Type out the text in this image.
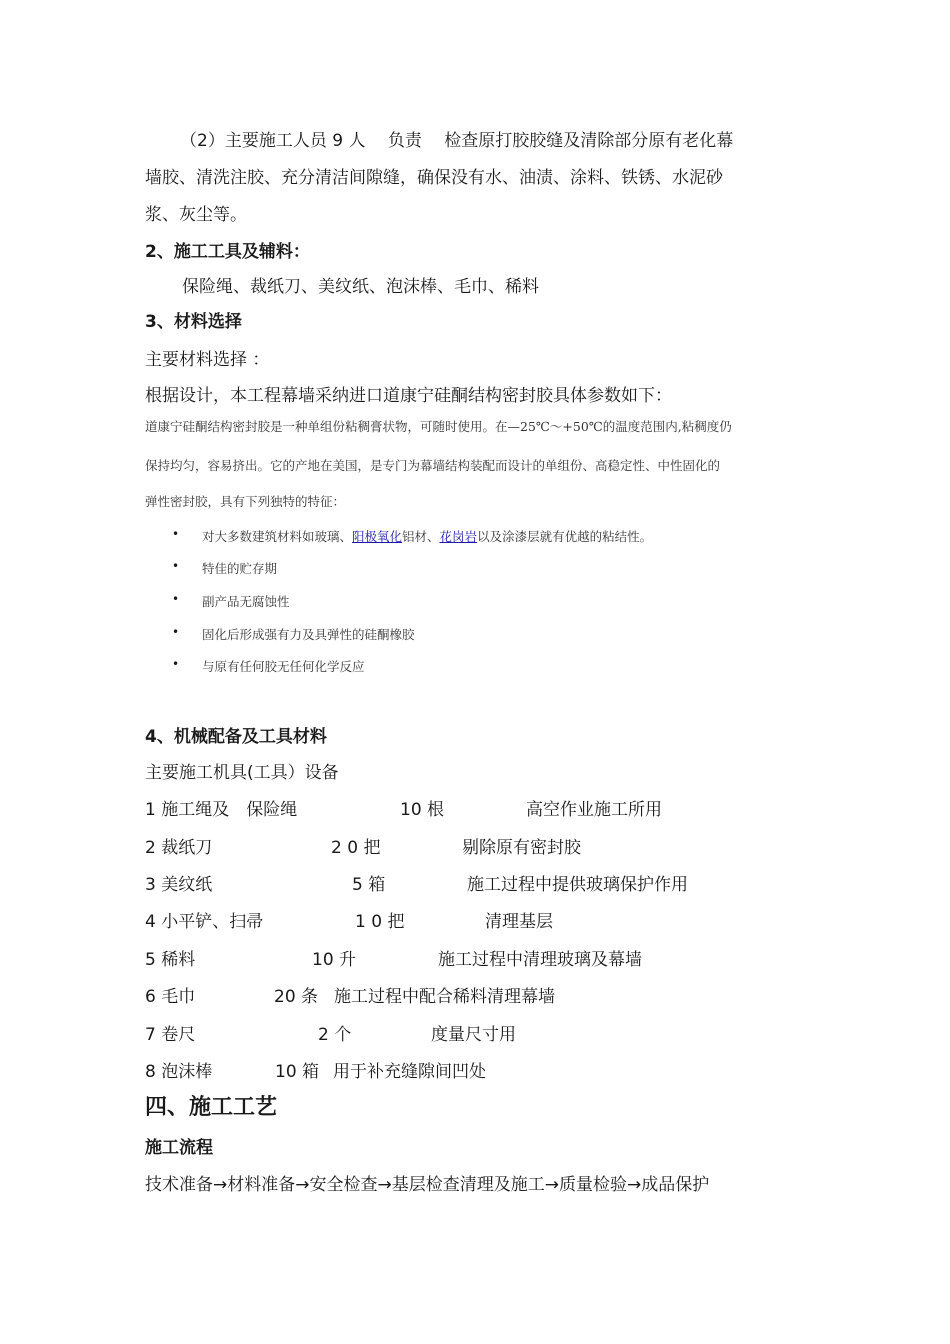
（2）主要施工人员 9 人　 负责　 检查原打胶胶缝及清除部分原有老化幕
墙胶、清洗注胶、充分清洁间隙缝，确保没有水、油渍、涂料、铁锈、水泥砂
浆、灰尘等。
2、施工工具及辅料：
保险绳、裁纸刀、美纹纸、泡沫棒、毛巾、稀料
3、材料选择
主要材料选择 ：
根据设计，本工程幕墙采纳进口道康宁硅酮结构密封胶具体参数如下：
道康宁硅酮结构密封胶是一种单组份粘稠膏状物，可随时使用。在—25℃～+50℃的温度范围内,粘稠度仍
保持均匀，容易挤出。它的产地在美国，是专门为幕墙结构装配而设计的单组份、高稳定性、中性固化的
弹性密封胶，具有下列独特的特征：
• 对大多数建筑材料如玻璃、阳极氧化铝材、花岗岩以及涂漆层就有优越的粘结性。
• 特佳的贮存期
• 副产品无腐蚀性
• 固化后形成强有力及具弹性的硅酮橡胶
• 与原有任何胶无任何化学反应
4、机械配备及工具材料
主要施工机具(工具）设备
1 施工绳及　保险绳	10 根	高空作业施工所用
2 裁纸刀	2 0 把	剔除原有密封胶
3 美纹纸	5 箱	施工过程中提供玻璃保护作用
4 小平铲、扫帚	1 0 把	清理基层
5 稀料	10 升	施工过程中清理玻璃及幕墙
6 毛巾	20 条 施工过程中配合稀料清理幕墙
7 卷尺	2 个	度量尺寸用
8 泡沫棒	10 箱 用于补充缝隙间凹处
四、施工工艺
施工流程
技术准备→材料准备→安全检查→基层检查清理及施工→质量检验→成品保护
